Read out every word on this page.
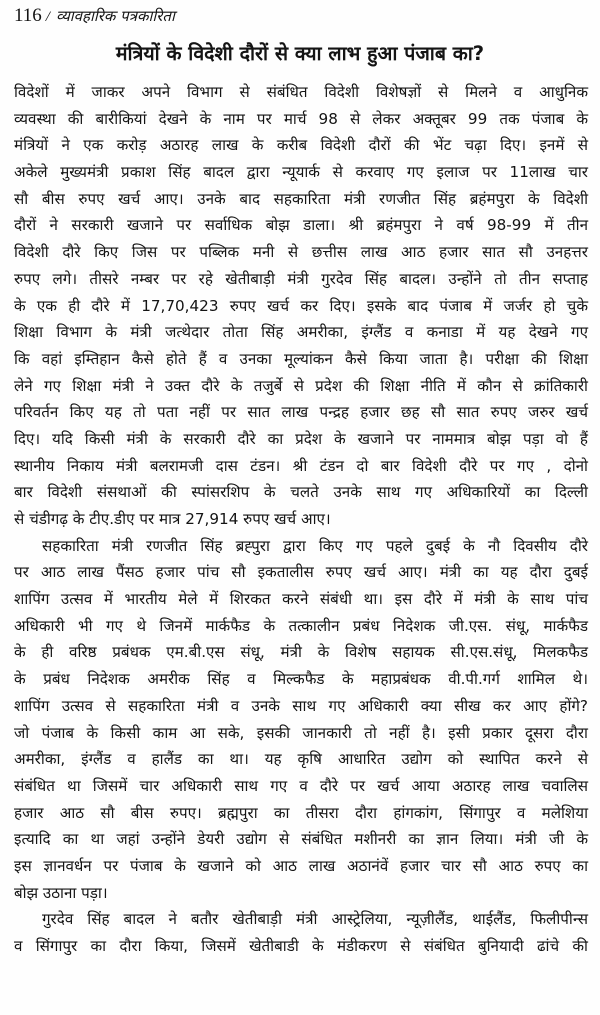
116 / व्यावहारिक पत्रकारिता
मंत्रियों के विदेशी दौरों से क्या लाभ हुआ पंजाब का?
विदेशों में जाकर अपने विभाग से संबंधित विदेशी विशेषज्ञों से मिलने व आधुनिक
व्यवस्था की बारीकियां देखने के नाम पर मार्च 98 से लेकर अक्तूबर 99 तक पंजाब के
मंत्रियों ने एक करोड़ अठारह लाख के करीब विदेशी दौरों की भेंट चढ़ा दिए। इनमें से
अकेले मुख्यमंत्री प्रकाश सिंह बादल द्वारा न्यूयार्क से करवाए गए इलाज पर 11लाख चार
सौ बीस रुपए खर्च आए। उनके बाद सहकारिता मंत्री रणजीत सिंह ब्रहंमपुरा के विदेशी
दौरों ने सरकारी खजाने पर सर्वाधिक बोझ डाला। श्री ब्रहंमपुरा ने वर्ष 98-99 में तीन
विदेशी दौरे किए जिस पर पब्लिक मनी से छत्तीस लाख आठ हजार सात सौ उनहत्तर
रुपए लगे। तीसरे नम्बर पर रहे खेतीबाड़ी मंत्री गुरदेव सिंह बादल। उन्होंने तो तीन सप्ताह
के एक ही दौरे में 17,70,423 रुपए खर्च कर दिए। इसके बाद पंजाब में जर्जर हो चुके
शिक्षा विभाग के मंत्री जत्थेदार तोता सिंह अमरीका, इंग्लैंड व कनाडा में यह देखने गए
कि वहां इम्तिहान कैसे होते हैं व उनका मूल्यांकन कैसे किया जाता है। परीक्षा की शिक्षा
लेने गए शिक्षा मंत्री ने उक्त दौरे के तजुर्बे से प्रदेश की शिक्षा नीति में कौन से क्रांतिकारी
परिवर्तन किए यह तो पता नहीं पर सात लाख पन्द्रह हजार छह सौ सात रुपए जरुर खर्च
दिए। यदि किसी मंत्री के सरकारी दौरे का प्रदेश के खजाने पर नाममात्र बोझ पड़ा वो हैं
स्थानीय निकाय मंत्री बलरामजी दास टंडन। श्री टंडन दो बार विदेशी दौरे पर गए , दोनो
बार विदेशी संसथाओं की स्पांसरशिप के चलते उनके साथ गए अधिकारियों का दिल्ली
से चंडीगढ़ के टीए.डीए पर मात्र 27,914 रुपए खर्च आए।
सहकारिता मंत्री रणजीत सिंह ब्रह्पुरा द्वारा किए गए पहले दुबई के नौ दिवसीय दौरे
पर आठ लाख पैंसठ हजार पांच सौ इकतालीस रुपए खर्च आए। मंत्री का यह दौरा दुबई
शापिंग उत्सव में भारतीय मेले में शिरकत करने संबंधी था। इस दौरे में मंत्री के साथ पांच
अधिकारी भी गए थे जिनमें मार्कफैड के तत्कालीन प्रबंध निदेशक जी.एस. संधू, मार्कफैड
के ही वरिष्ठ प्रबंधक एम.बी.एस संधू, मंत्री के विशेष सहायक सी.एस.संधू, मिलकफैड
के प्रबंध निदेशक अमरीक सिंह व मिल्कफैड के महाप्रबंधक वी.पी.गर्ग शामिल थे।
शापिंग उत्सव से सहकारिता मंत्री व उनके साथ गए अधिकारी क्या सीख कर आए होंगे?
जो पंजाब के किसी काम आ सके, इसकी जानकारी तो नहीं है। इसी प्रकार दूसरा दौरा
अमरीका, इंग्लैंड व हालैंड का था। यह कृषि आधारित उद्योग को स्थापित करने से
संबंधित था जिसमें चार अधिकारी साथ गए व दौरे पर खर्च आया अठारह लाख चवालिस
हजार आठ सौ बीस रुपए। ब्रह्मपुरा का तीसरा दौरा हांगकांग, सिंगापुर व मलेशिया
इत्यादि का था जहां उन्होंने डेयरी उद्योग से संबंधित मशीनरी का ज्ञान लिया। मंत्री जी के
इस ज्ञानवर्धन पर पंजाब के खजाने को आठ लाख अठानंवें हजार चार सौ आठ रुपए का
बोझ उठाना पड़ा।
गुरदेव सिंह बादल ने बतौर खेतीबाड़ी मंत्री आस्ट्रेलिया, न्यूज़ीलैंड, थाईलैंड, फिलीपीन्स
व सिंगापुर का दौरा किया, जिसमें खेतीबाडी के मंडीकरण से संबंधित बुनियादी ढांचे की
